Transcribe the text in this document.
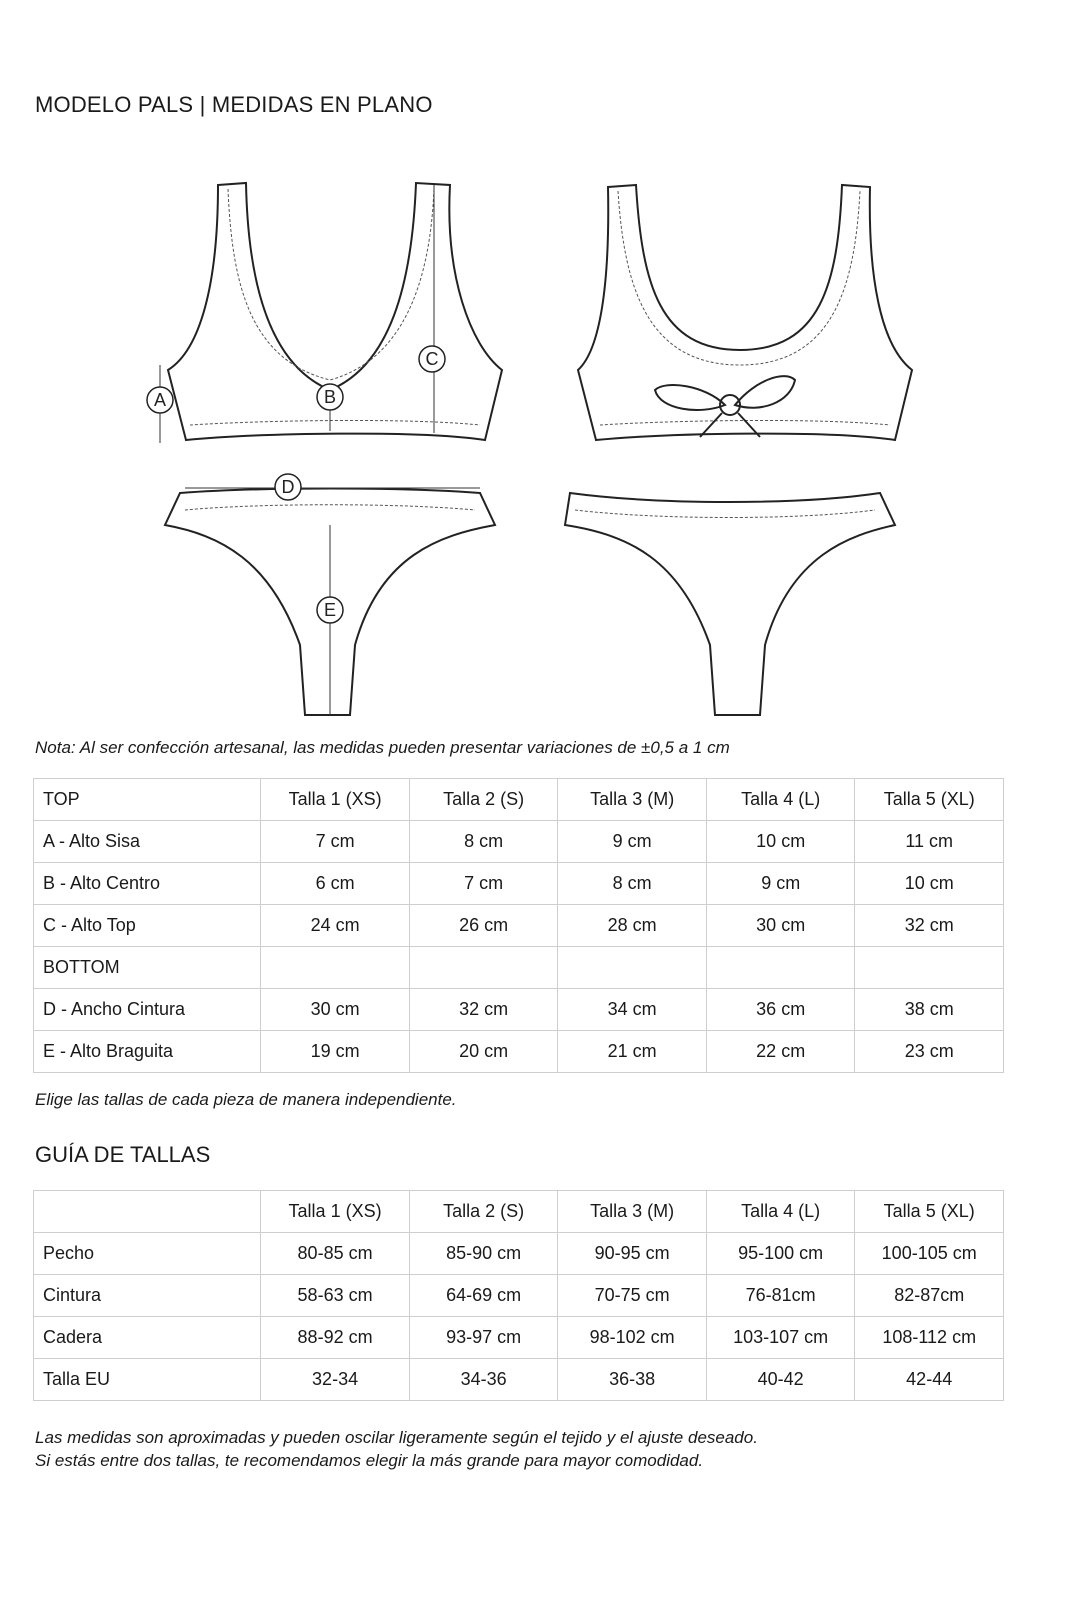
MODELO PALS | MEDIDAS EN PLANO
A	B
C
D
E
Nota: Al ser confección artesanal, las medidas pueden presentar variaciones de ±0,5 a 1 cm
TOP	Talla 1 (XS)	Talla 2 (S)	Talla 3 (M)	Talla 4 (L)	Talla 5 (XL)
A - Alto Sisa	7 cm	8 cm	9 cm	10 cm	11 cm
B - Alto Centro	6 cm	7 cm	8 cm	9 cm	10 cm
C - Alto Top	24 cm	26 cm	28 cm	30 cm	32 cm
BOTTOM					
D - Ancho Cintura	30 cm	32 cm	34 cm	36 cm	38 cm
E - Alto Braguita	19 cm	20 cm	21 cm	22 cm	23 cm
Elige las tallas de cada pieza de manera independiente.
GUÍA DE TALLAS
	Talla 1 (XS)	Talla 2 (S)	Talla 3 (M)	Talla 4 (L)	Talla 5 (XL)
Pecho	80-85 cm	85-90 cm	90-95 cm	95-100 cm	100-105 cm
Cintura	58-63 cm	64-69 cm	70-75 cm	76-81cm	82-87cm
Cadera	88-92 cm	93-97 cm	98-102 cm	103-107 cm	108-112 cm
Talla EU	32-34	34-36	36-38	40-42	42-44
Las medidas son aproximadas y pueden oscilar ligeramente según el tejido y el ajuste deseado.
Si estás entre dos tallas, te recomendamos elegir la más grande para mayor comodidad.
